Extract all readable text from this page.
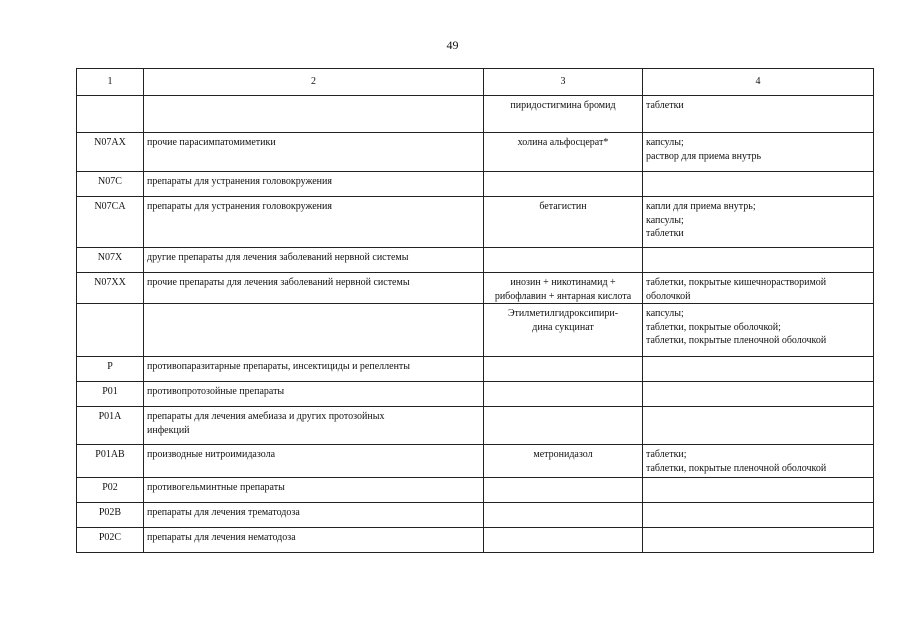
49
1	2	3	4

		пиридостигмина бромид	таблетки

N07AX	прочие парасимпатомиметики	холина альфосцерат*	капсулы;
раствор для приема внутрь

N07C	препараты для устранения головокружения		

N07CA	препараты для устранения головокружения	бетагистин	капли для приема внутрь;
капсулы;
таблетки

N07X	другие препараты для лечения заболеваний нервной системы		

N07XX	прочие препараты для лечения заболеваний нервной системы	инозин + никотинамид +
рибофлавин + янтарная кислота	таблетки, покрытые кишечнорастворимой
оболочкой

		Этилметилгидроксипири-
дина сукцинат	капсулы;
таблетки, покрытые оболочкой;
таблетки, покрытые пленочной оболочкой

P	противопаразитарные препараты, инсектициды и репелленты		

P01	противопротозойные препараты		

P01A	препараты для лечения амебиаза и других протозойных
инфекций		

P01AB	производные нитроимидазола	метронидазол	таблетки;
таблетки, покрытые пленочной оболочкой

P02	противогельминтные препараты		

P02B	препараты для лечения трематодоза		

P02C	препараты для лечения нематодоза		
